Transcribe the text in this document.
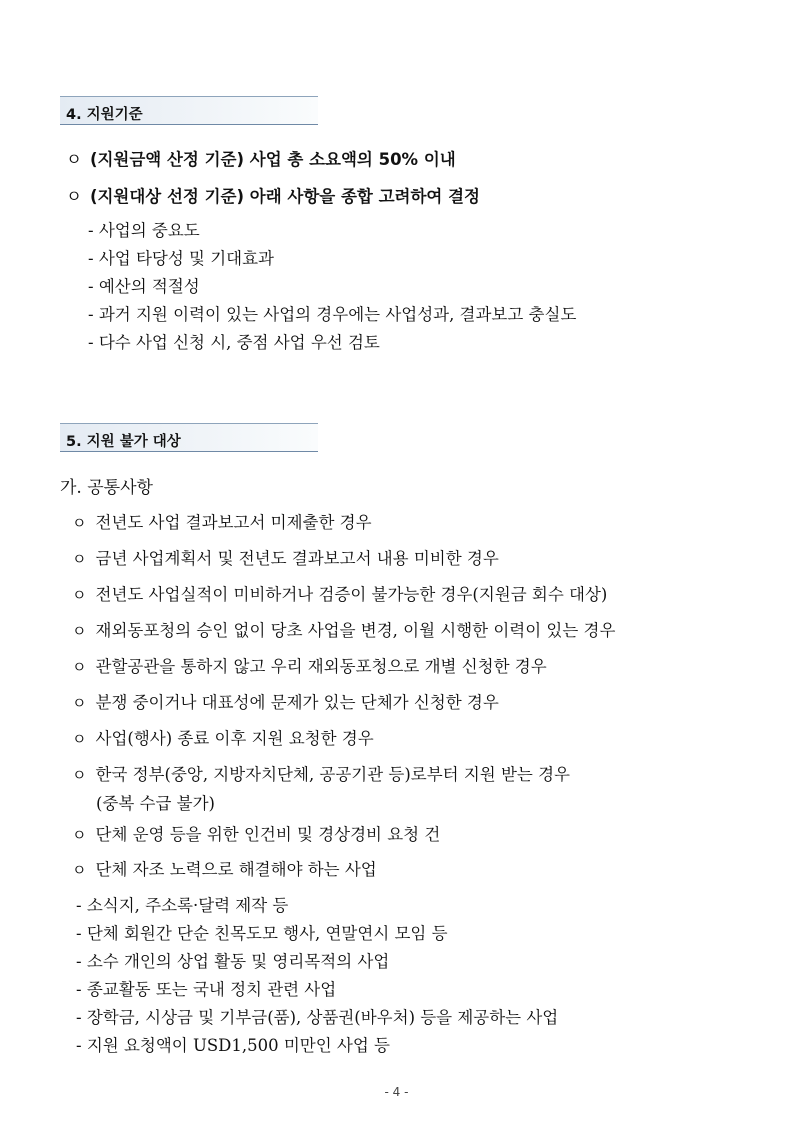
4. 지원기준
ㅇ (지원금액 산정 기준) 사업 총 소요액의 50% 이내
ㅇ (지원대상 선정 기준) 아래 사항을 종합 고려하여 결정
- 사업의 중요도
- 사업 타당성 및 기대효과
- 예산의 적절성
- 과거 지원 이력이 있는 사업의 경우에는 사업성과, 결과보고 충실도
- 다수 사업 신청 시, 중점 사업 우선 검토
5. 지원 불가 대상
가. 공통사항
ㅇ 전년도 사업 결과보고서 미제출한 경우
ㅇ 금년 사업계획서 및 전년도 결과보고서 내용 미비한 경우
ㅇ 전년도 사업실적이 미비하거나 검증이 불가능한 경우(지원금 회수 대상)
ㅇ 재외동포청의 승인 없이 당초 사업을 변경, 이월 시행한 이력이 있는 경우
ㅇ 관할공관을 통하지 않고 우리 재외동포청으로 개별 신청한 경우
ㅇ 분쟁 중이거나 대표성에 문제가 있는 단체가 신청한 경우
ㅇ 사업(행사) 종료 이후 지원 요청한 경우
ㅇ 한국 정부(중앙, 지방자치단체, 공공기관 등)로부터 지원 받는 경우
(중복 수급 불가)
ㅇ 단체 운영 등을 위한 인건비 및 경상경비 요청 건
ㅇ 단체 자조 노력으로 해결해야 하는 사업
- 소식지, 주소록·달력 제작 등
- 단체 회원간 단순 친목도모 행사, 연말연시 모임 등
- 소수 개인의 상업 활동 및 영리목적의 사업
- 종교활동 또는 국내 정치 관련 사업
- 장학금, 시상금 및 기부금(품), 상품권(바우처) 등을 제공하는 사업
- 지원 요청액이 USD1,500 미만인 사업 등
- 4 -
